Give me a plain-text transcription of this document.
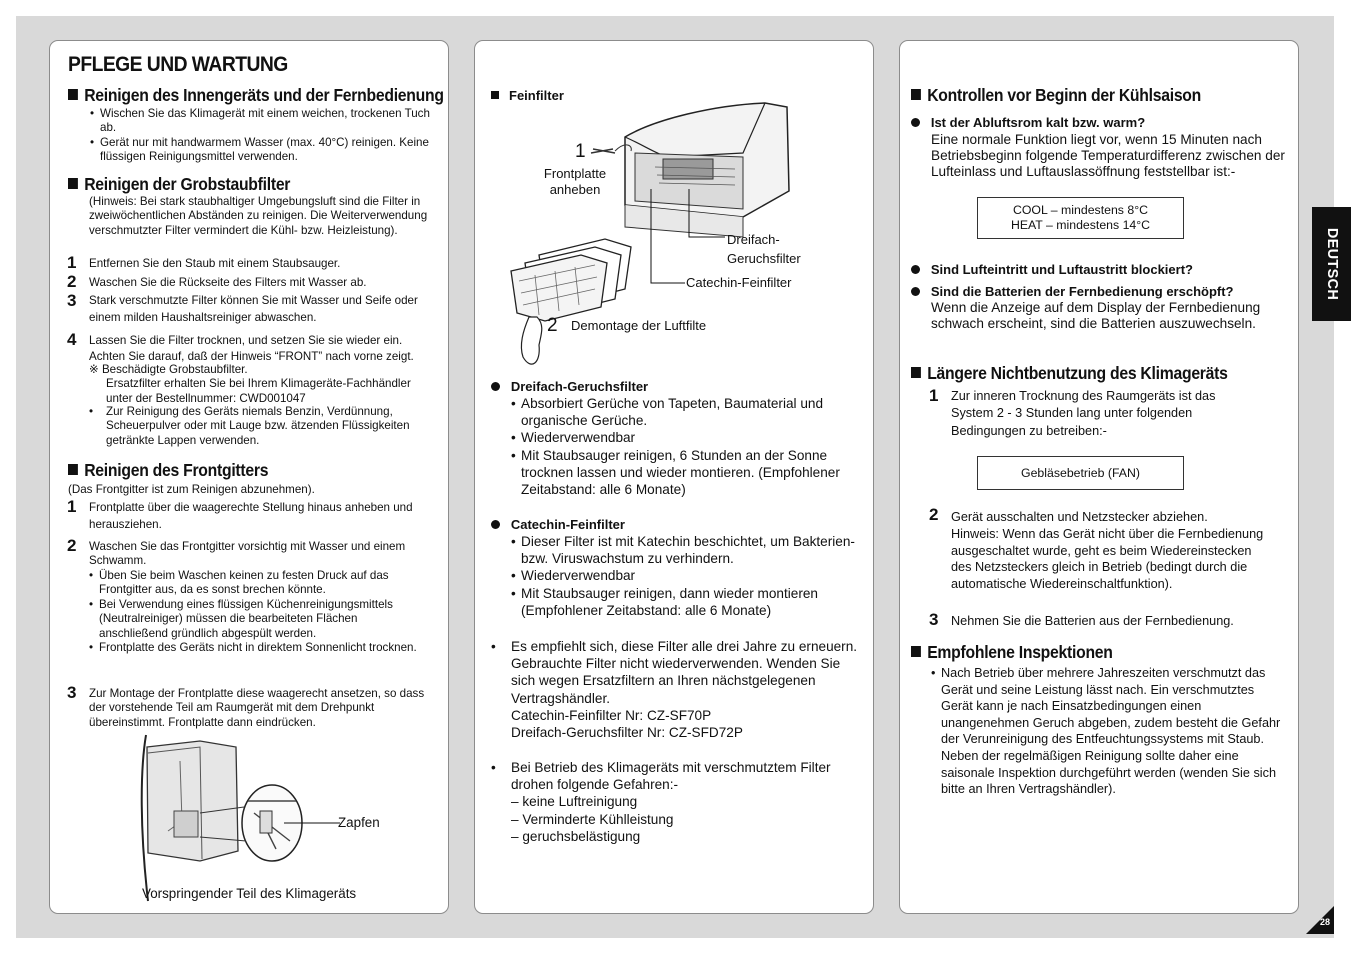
PFLEGE UND WARTUNG
Reinigen des Innengeräts und der Fernbedienung
• Wischen Sie das Klimagerät mit einem weichen, trockenen Tuch ab.
• Gerät nur mit handwarmem Wasser (max. 40°C) reinigen. Keine flüssigen Reinigungsmittel verwenden.
Reinigen der Grobstaubfilter
(Hinweis: Bei stark staubhaltiger Umgebungsluft sind die Filter in zweiwöchentlichen Abständen zu reinigen. Die Weiterverwendung verschmutzter Filter vermindert die Kühl- bzw. Heizleistung).
1 Entfernen Sie den Staub mit einem Staubsauger.
2 Waschen Sie die Rückseite des Filters mit Wasser ab.
3 Stark verschmutzte Filter können Sie mit Wasser und Seife oder einem milden Haushaltsreiniger abwaschen.
4 Lassen Sie die Filter trocknen, und setzen Sie sie wieder ein.
Achten Sie darauf, daß der Hinweis “FRONT” nach vorne zeigt.
※ Beschädigte Grobstaubfilter.
Ersatzfilter erhalten Sie bei Ihrem Klimageräte-Fachhändler unter der Bestellnummer: CWD001047
• Zur Reinigung des Geräts niemals Benzin, Verdünnung, Scheuerpulver oder mit Lauge bzw. ätzenden Flüssigkeiten getränkte Lappen verwenden.
Reinigen des Frontgitters
(Das Frontgitter ist zum Reinigen abzunehmen).
1 Frontplatte über die waagerechte Stellung hinaus anheben und herausziehen.
2 Waschen Sie das Frontgitter vorsichtig mit Wasser und einem Schwamm.
• Üben Sie beim Waschen keinen zu festen Druck auf das Frontgitter aus, da es sonst brechen könnte.
• Bei Verwendung eines flüssigen Küchenreinigungsmittels (Neutralreiniger) müssen die bearbeiteten Flächen anschließend gründlich abgespült werden.
• Frontplatte des Geräts nicht in direktem Sonnenlicht trocknen.
3 Zur Montage der Frontplatte diese waagerecht ansetzen, so dass der vorstehende Teil am Raumgerät mit dem Drehpunkt übereinstimmt. Frontplatte dann eindrücken.
Zapfen
Vorspringender Teil des Klimageräts
Feinfilter
1
Frontplatte anheben
Dreifach- Geruchsfilter
Catechin-Feinfilter
2 Demontage der Luftfilte
Dreifach-Geruchsfilter
• Absorbiert Gerüche von Tapeten, Baumaterial und organische Gerüche.
• Wiederverwendbar
• Mit Staubsauger reinigen, 6 Stunden an der Sonne trocknen lassen und wieder montieren. (Empfohlener Zeitabstand: alle 6 Monate)
Catechin-Feinfilter
• Dieser Filter ist mit Katechin beschichtet, um Bakterien- bzw. Viruswachstum zu verhindern.
• Wiederverwendbar
• Mit Staubsauger reinigen, dann wieder montieren (Empfohlener Zeitabstand: alle 6 Monate)
• Es empfiehlt sich, diese Filter alle drei Jahre zu erneuern. Gebrauchte Filter nicht wiederverwenden. Wenden Sie sich wegen Ersatzfiltern an Ihren nächstgelegenen Vertragshändler.
Catechin-Feinfilter Nr: CZ-SF70P
Dreifach-Geruchsfilter Nr: CZ-SFD72P
• Bei Betrieb des Klimageräts mit verschmutztem Filter drohen folgende Gefahren:-
– keine Luftreinigung
– Verminderte Kühlleistung
– geruchsbelästigung
Kontrollen vor Beginn der Kühlsaison
Ist der Abluftsrom kalt bzw. warm?
Eine normale Funktion liegt vor, wenn 15 Minuten nach Betriebsbeginn folgende Temperaturdifferenz zwischen der Lufteinlass und Luftauslassöffnung feststellbar ist:-
COOL – mindestens 8°C
HEAT – mindestens 14°C
Sind Lufteintritt und Luftaustritt blockiert?
Sind die Batterien der Fernbedienung erschöpft?
Wenn die Anzeige auf dem Display der Fernbedienung schwach erscheint, sind die Batterien auszuwechseln.
Längere Nichtbenutzung des Klimageräts
1 Zur inneren Trocknung des Raumgeräts ist das System 2 - 3 Stunden lang unter folgenden Bedingungen zu betreiben:-
Gebläsebetrieb (FAN)
2 Gerät ausschalten und Netzstecker abziehen.
Hinweis: Wenn das Gerät nicht über die Fernbedienung ausgeschaltet wurde, geht es beim Wiedereinstecken des Netzsteckers gleich in Betrieb (bedingt durch die automatische Wiedereinschaltfunktion).
3 Nehmen Sie die Batterien aus der Fernbedienung.
Empfohlene Inspektionen
• Nach Betrieb über mehrere Jahreszeiten verschmutzt das Gerät und seine Leistung lässt nach. Ein verschmutztes Gerät kann je nach Einsatzbedingungen einen unangenehmen Geruch abgeben, zudem besteht die Gefahr der Verunreinigung des Entfeuchtungssystems mit Staub. Neben der regelmäßigen Reinigung sollte daher eine saisonale Inspektion durchgeführt werden (wenden Sie sich bitte an Ihren Vertragshändler).
DEUTSCH
28
